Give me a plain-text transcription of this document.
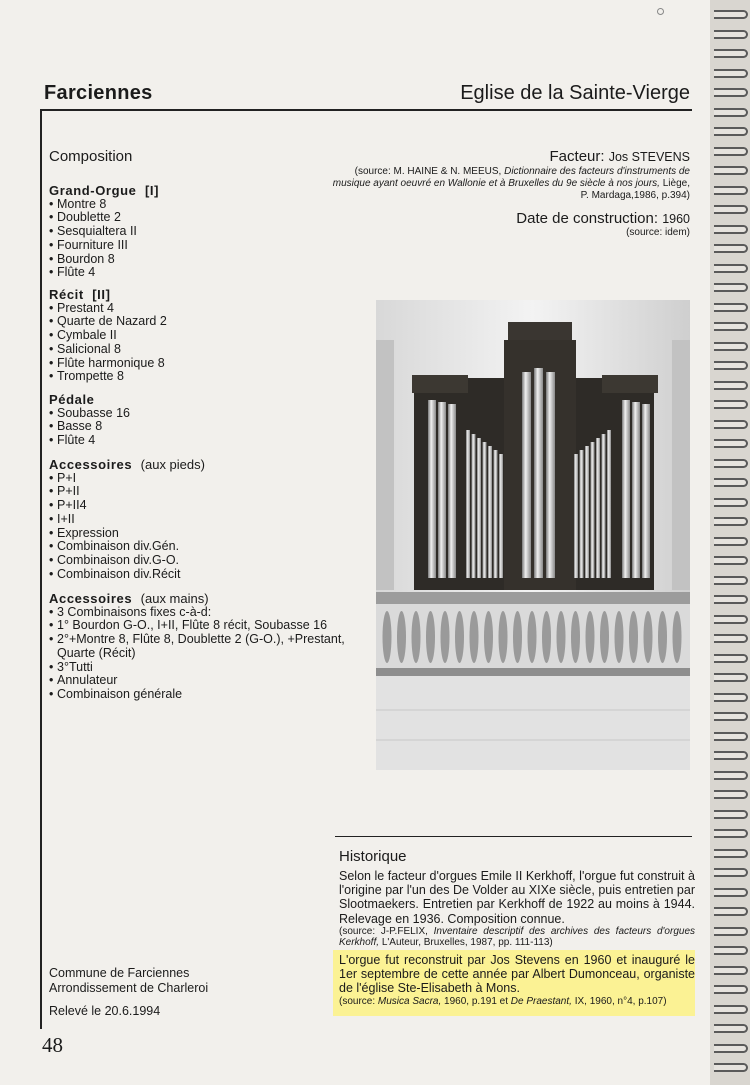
Farciennes	Eglise de la Sainte-Vierge
Composition
Grand-Orgue [I]
• Montre 8
• Doublette 2
• Sesquialtera II
• Fourniture III
• Bourdon 8
• Flûte 4
Récit [II]
• Prestant 4
• Quarte de Nazard 2
• Cymbale II
• Salicional 8
• Flûte harmonique 8
• Trompette 8
Pédale
• Soubasse 16
• Basse 8
• Flûte 4
Accessoires (aux pieds)
• P+I
• P+II
• P+II4
• I+II
• Expression
• Combinaison div.Gén.
• Combinaison div.G-O.
• Combinaison div.Récit
Accessoires (aux mains)
• 3 Combinaisons fixes c-à-d:
• 1° Bourdon G-O., I+II, Flûte 8 récit, Soubasse 16
• 2°+Montre 8, Flûte 8, Doublette 2 (G-O.), +Prestant, Quarte (Récit)
• 3°Tutti
• Annulateur
• Combinaison générale
Facteur: Jos STEVENS
(source: M. HAINE & N. MEEUS, Dictionnaire des facteurs d'instruments de musique ayant oeuvré en Wallonie et à Bruxelles du 9e siècle à nos jours, Liège, P. Mardaga,1986, p.394)
Date de construction: 1960
(source: idem)
Historique
Selon le facteur d'orgues Emile II Kerkhoff, l'orgue fut construit à l'origine par l'un des De Volder au XIXe siècle, puis entretien par Slootmaekers. Entretien par Kerkhoff de 1922 au moins à 1944. Relevage en 1936. Composition connue.
(source: J-P.FELIX, Inventaire descriptif des archives des facteurs d'orgues Kerkhoff, L'Auteur, Bruxelles, 1987, pp. 111-113)
L'orgue fut reconstruit par Jos Stevens en 1960 et inauguré le 1er septembre de cette année par Albert Dumonceau, organiste de l'église Ste-Elisabeth à Mons.
(source: Musica Sacra, 1960, p.191 et De Praestant, IX, 1960, n°4, p.107)
Commune de Farciennes
Arrondissement de Charleroi
Relevé le 20.6.1994
48
